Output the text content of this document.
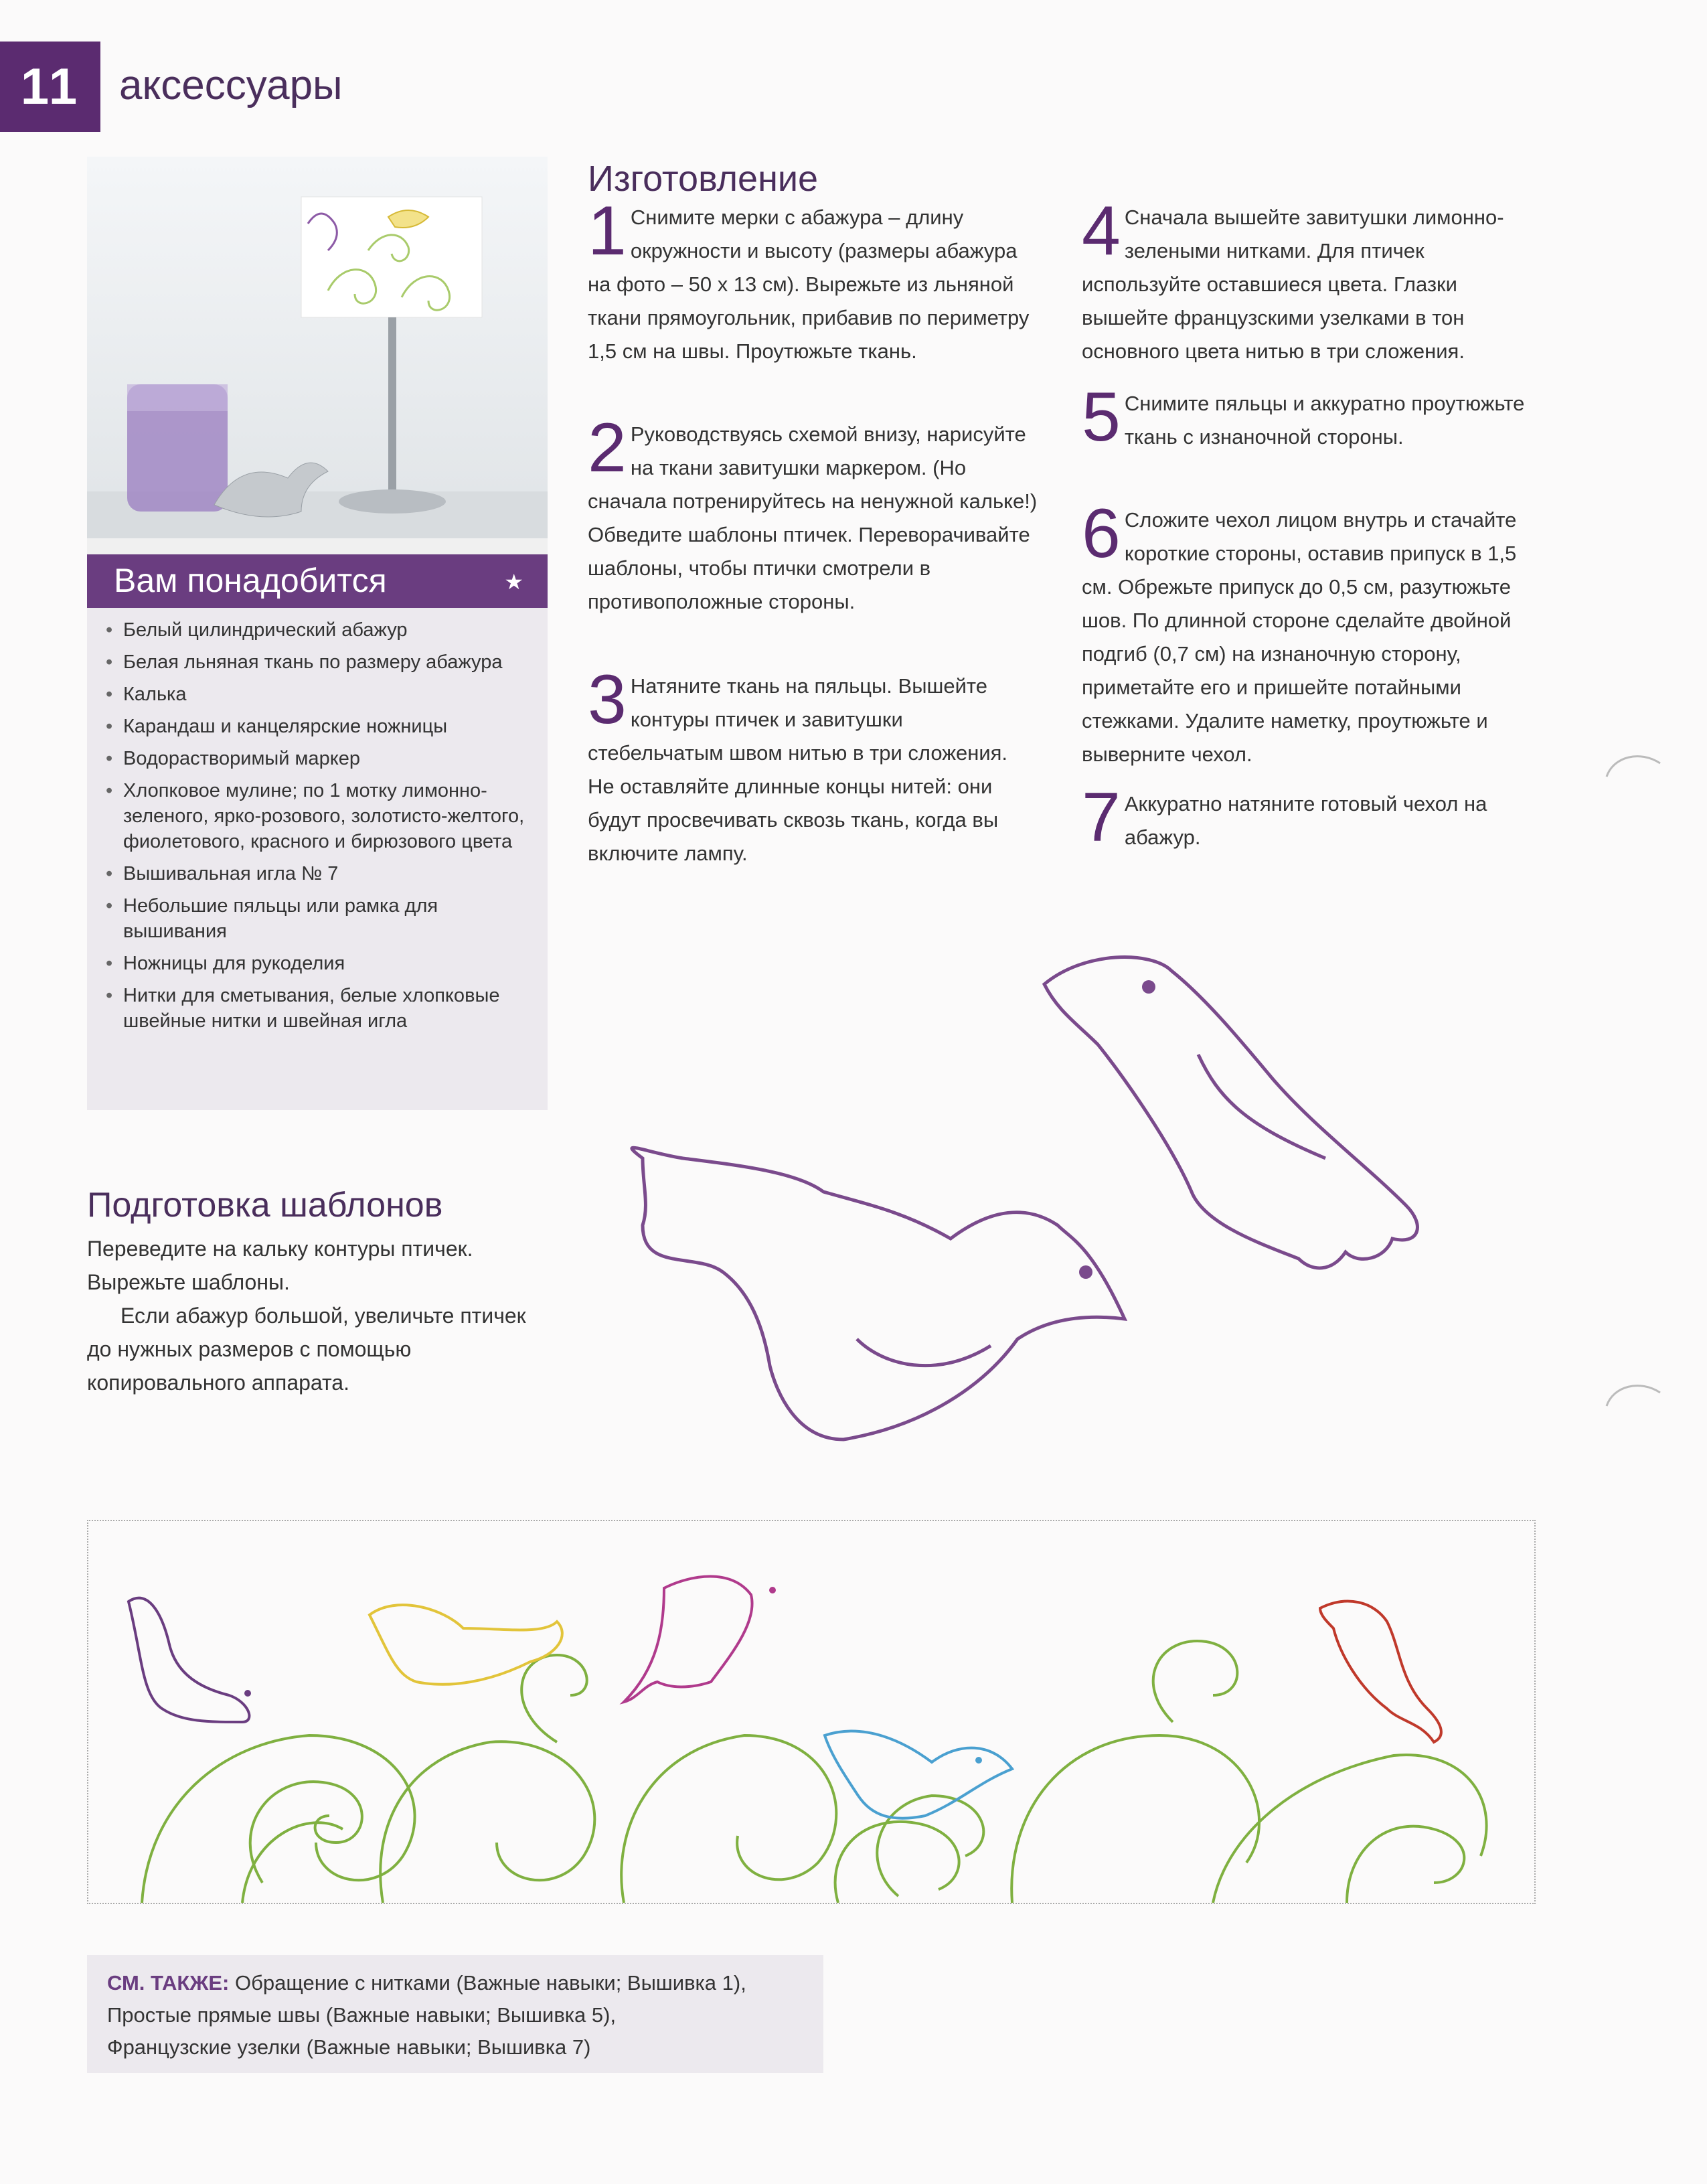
11 аксессуары
Вам понадобится	★
• Белый цилиндрический абажур
• Белая льняная ткань по размеру абажура
• Калька
• Карандаш и канцелярские ножницы
• Водорастворимый маркер
• Хлопковое мулине; по 1 мотку лимонно-зеленого, ярко-розового, золотисто-желтого, фиолетового, красного и бирюзового цвета
• Вышивальная игла № 7
• Небольшие пяльцы или рамка для вышивания
• Ножницы для рукоделия
• Нитки для сметывания, белые хлопковые швейные нитки и швейная игла
Подготовка шаблонов

Переведите на кальку контуры птичек. Вырежьте шаблоны.

Если абажур большой, увеличьте птичек до нужных размеров с помощью копировального аппарата.

Изготовление
1 Снимите мерки с абажура – длину окружности и высоту (размеры абажура на фото – 50 х 13 см). Вырежьте из льняной ткани прямоугольник, прибавив по периметру 1,5 см на швы. Проутюжьте ткань.
2 Руководствуясь схемой внизу, нарисуйте на ткани завитушки маркером. (Но сначала потренируйтесь на ненужной кальке!) Обведите шаблоны птичек. Переворачивайте шаблоны, чтобы птички смотрели в противоположные стороны.
3 Натяните ткань на пяльцы. Вышейте контуры птичек и завитушки стебельчатым швом нитью в три сложения. Не оставляйте длинные концы нитей: они будут просвечивать сквозь ткань, когда вы включите лампу.
4 Сначала вышейте завитушки лимонно-зелеными нитками. Для птичек используйте оставшиеся цвета. Глазки вышейте французскими узелками в тон основного цвета нитью в три сложения.
5 Снимите пяльцы и аккуратно проутюжьте ткань с изнаночной стороны.
6 Сложите чехол лицом внутрь и стачайте короткие стороны, оставив припуск в 1,5 см. Обрежьте припуск до 0,5 см, разутюжьте шов. По длинной стороне сделайте двойной подгиб (0,7 см) на изнаночную сторону, приметайте его и пришейте потайными стежками. Удалите наметку, проутюжьте и выверните чехол.
7 Аккуратно натяните готовый чехол на абажур.
СМ. ТАКЖЕ: Обращение с нитками (Важные навыки; Вышивка 1),
Простые прямые швы (Важные навыки; Вышивка 5),
Французские узелки (Важные навыки; Вышивка 7)
